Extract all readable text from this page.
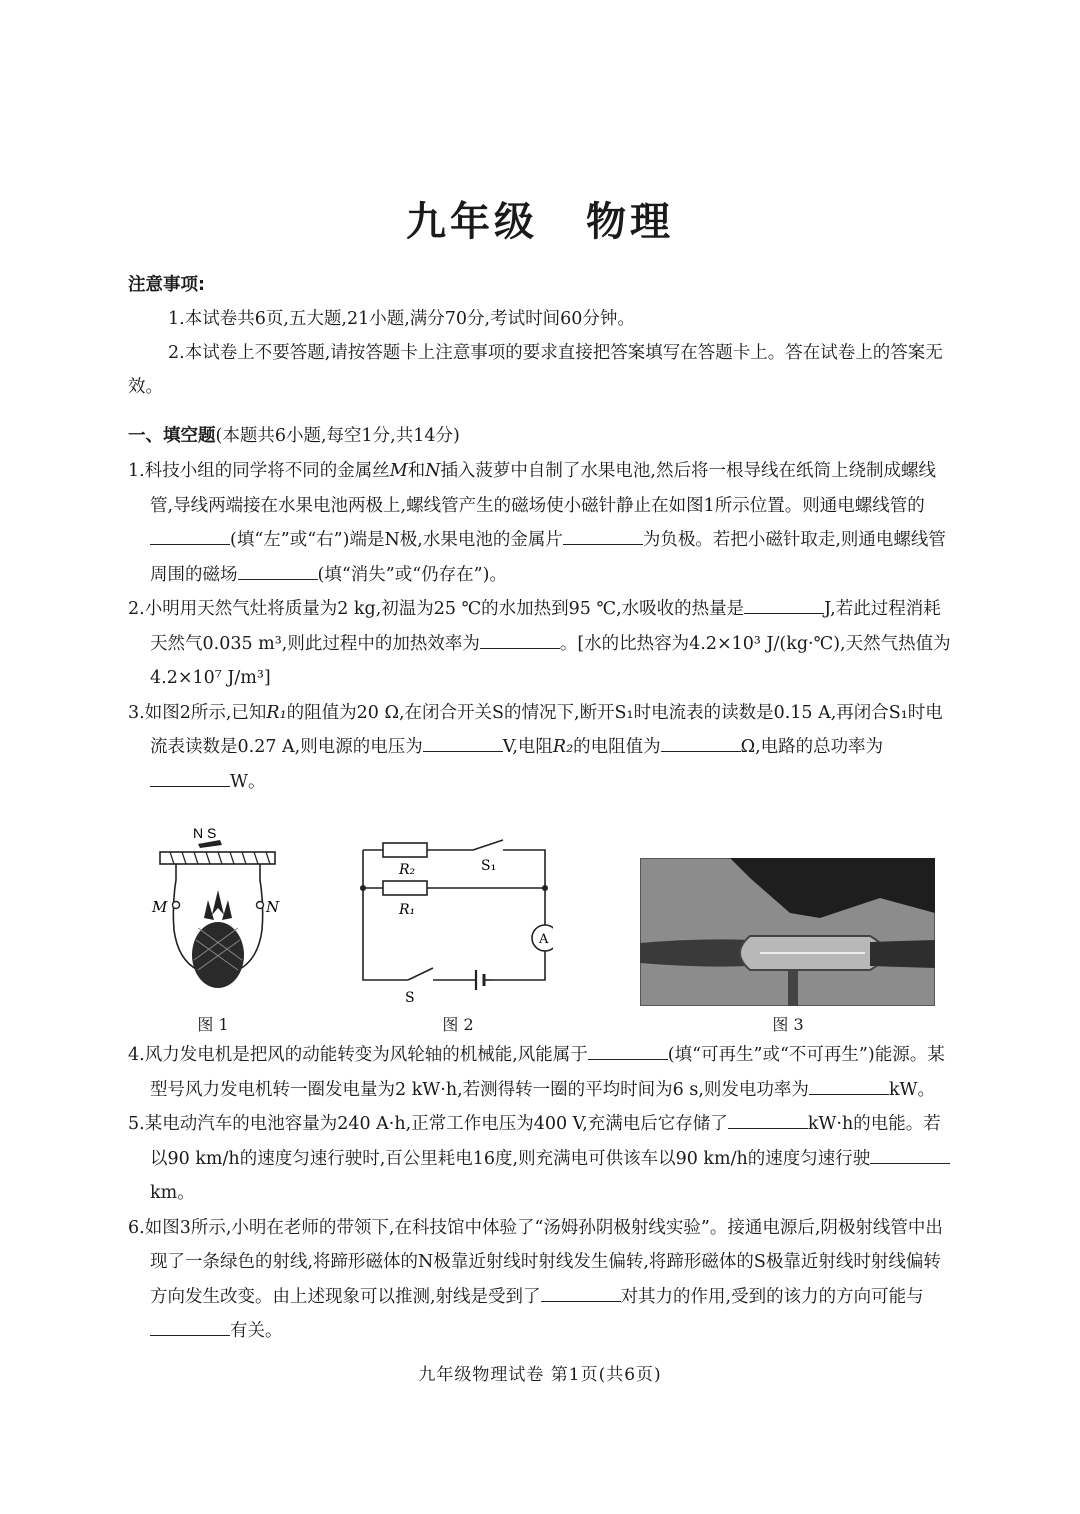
九年级 物理
注意事项:
1.本试卷共6页,五大题,21小题,满分70分,考试时间60分钟。
2.本试卷上不要答题,请按答题卡上注意事项的要求直接把答案填写在答题卡上。答在试卷上的答案无效。
一、填空题(本题共6小题,每空1分,共14分)

1.科技小组的同学将不同的金属丝M和N插入菠萝中自制了水果电池,然后将一根导线在纸筒上绕制成螺线管,导线两端接在水果电池两极上,螺线管产生的磁场使小磁针静止在如图1所示位置。则通电螺线管的(填“左”或“右”)端是N极,水果电池的金属片	为负极。若把小磁针取走,则通电螺线管周围的磁场	(填“消失”或“仍存在”)。

2.小明用天然气灶将质量为2 kg,初温为25 ℃的水加热到95 ℃,水吸收的热量是	J,若此过程消耗天然气0.035 m³,则此过程中的加热效率为	。[水的比热容为4.2×10³ J/(kg·℃),天然气热值为4.2×10⁷ J/m³]

3.如图2所示,已知R₁的阻值为20 Ω,在闭合开关S的情况下,断开S₁时电流表的读数是0.15 A,再闭合S₁时电流表读数是0.27 A,则电源的电压为	V,电阻R₂的电阻值为	Ω,电路的总功率为W。

N S
M	N
图 1
R₂
R₁
S₁
S
A
图 2	图 3

4.风力发电机是把风的动能转变为风轮轴的机械能,风能属于	(填“可再生”或“不可再生”)能源。某型号风力发电机转一圈发电量为2 kW·h,若测得转一圈的平均时间为6 s,则发电功率为	kW。

5.某电动汽车的电池容量为240 A·h,正常工作电压为400 V,充满电后它存储了	kW·h的电能。若以90 km/h的速度匀速行驶时,百公里耗电16度,则充满电可供该车以90 km/h的速度匀速行驶km。

6.如图3所示,小明在老师的带领下,在科技馆中体验了“汤姆孙阴极射线实验”。接通电源后,阴极射线管中出现了一条绿色的射线,将蹄形磁体的N极靠近射线时射线发生偏转,将蹄形磁体的S极靠近射线时射线偏转方向发生改变。由上述现象可以推测,射线是受到了	对其力的作用,受到的该力的方向可能与有关。

九年级物理试卷 第1页(共6页)
